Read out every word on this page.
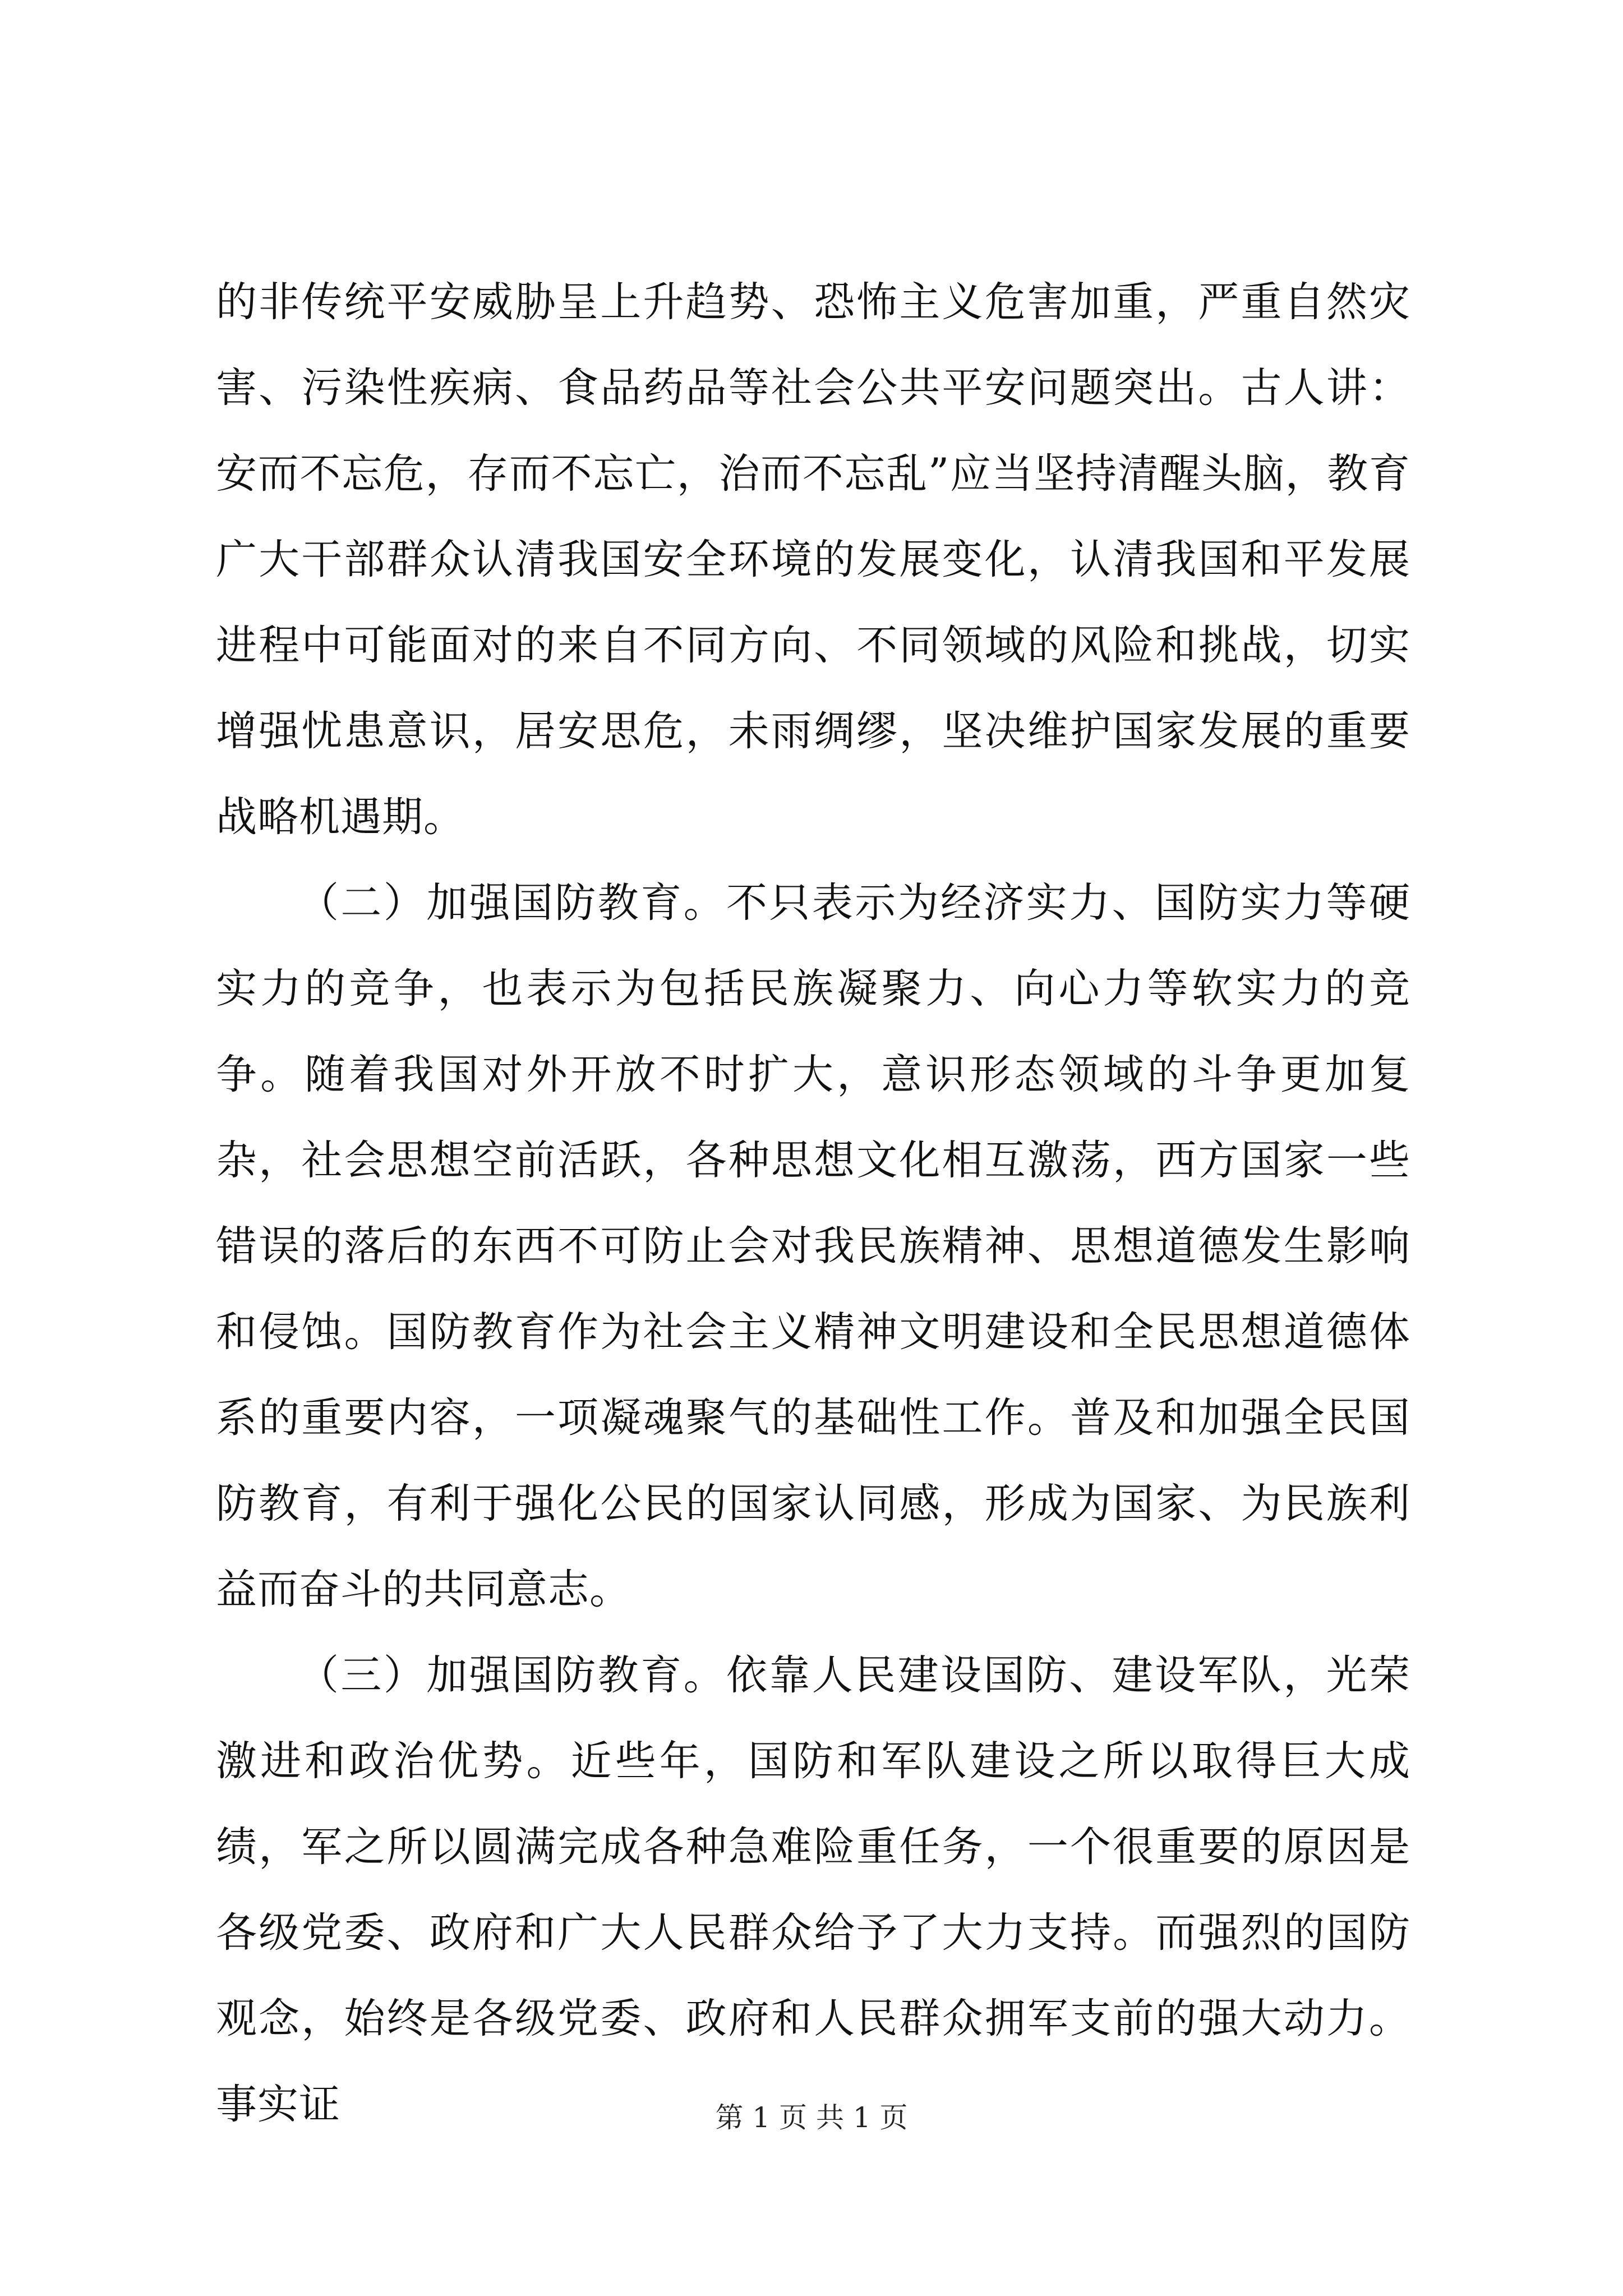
的非传统平安威胁呈上升趋势、恐怖主义危害加重，严重自然灾害、污染性疾病、食品药品等社会公共平安问题突出。古人讲：安而不忘危，存而不忘亡，治而不忘乱”应当坚持清醒头脑，教育广大干部群众认清我国安全环境的发展变化，认清我国和平发展进程中可能面对的来自不同方向、不同领域的风险和挑战，切实增强忧患意识，居安思危，未雨绸缪，坚决维护国家发展的重要战略机遇期。

（二）加强国防教育。不只表示为经济实力、国防实力等硬实力的竞争，也表示为包括民族凝聚力、向心力等软实力的竞争。随着我国对外开放不时扩大，意识形态领域的斗争更加复杂，社会思想空前活跃，各种思想文化相互激荡，西方国家一些错误的落后的东西不可防止会对我民族精神、思想道德发生影响和侵蚀。国防教育作为社会主义精神文明建设和全民思想道德体系的重要内容，一项凝魂聚气的基础性工作。普及和加强全民国防教育，有利于强化公民的国家认同感，形成为国家、为民族利益而奋斗的共同意志。

（三）加强国防教育。依靠人民建设国防、建设军队，光荣激进和政治优势。近些年，国防和军队建设之所以取得巨大成绩，军之所以圆满完成各种急难险重任务，一个很重要的原因是各级党委、政府和广大人民群众给予了大力支持。而强烈的国防观念，始终是各级党委、政府和人民群众拥军支前的强大动力。事实证	第 1 页 共 1 页
